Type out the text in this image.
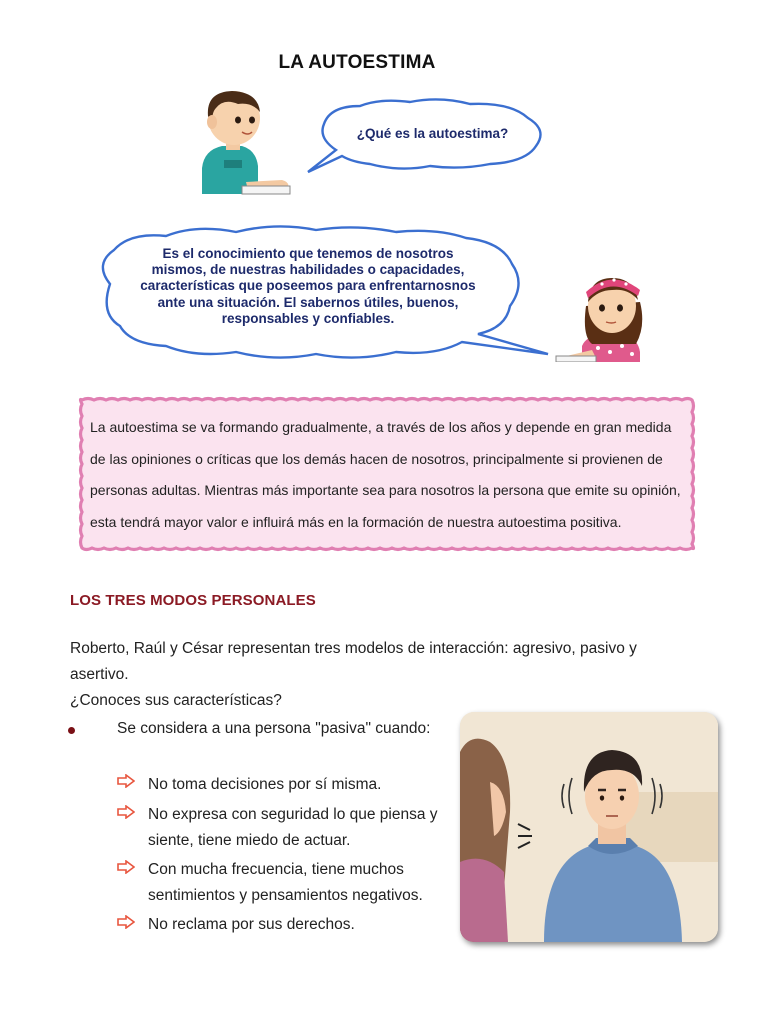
LA AUTOESTIMA
¿Qué es la autoestima?
Es el conocimiento que tenemos de nosotros
mismos, de nuestras habilidades o capacidades,
características que poseemos para enfrentarnosnos
ante una situación. El sabernos útiles, buenos,
responsables y confiables.
La autoestima se va formando gradualmente, a través de los años y depende en gran medida
de las opiniones o críticas que los demás hacen de nosotros, principalmente si provienen de
personas adultas. Mientras más importante sea para nosotros la persona que emite su opinión,
esta tendrá mayor valor e influirá más en la formación de nuestra autoestima positiva.
LOS TRES MODOS PERSONALES
Roberto, Raúl y César representan tres modelos de interacción: agresivo, pasivo y asertivo.
¿Conoces sus características?
Se considera a una persona "pasiva" cuando:
No toma decisiones por sí misma.
No expresa con seguridad lo que piensa y
siente, tiene miedo de actuar.
Con mucha frecuencia, tiene muchos
sentimientos y pensamientos negativos.
No reclama por sus derechos.
